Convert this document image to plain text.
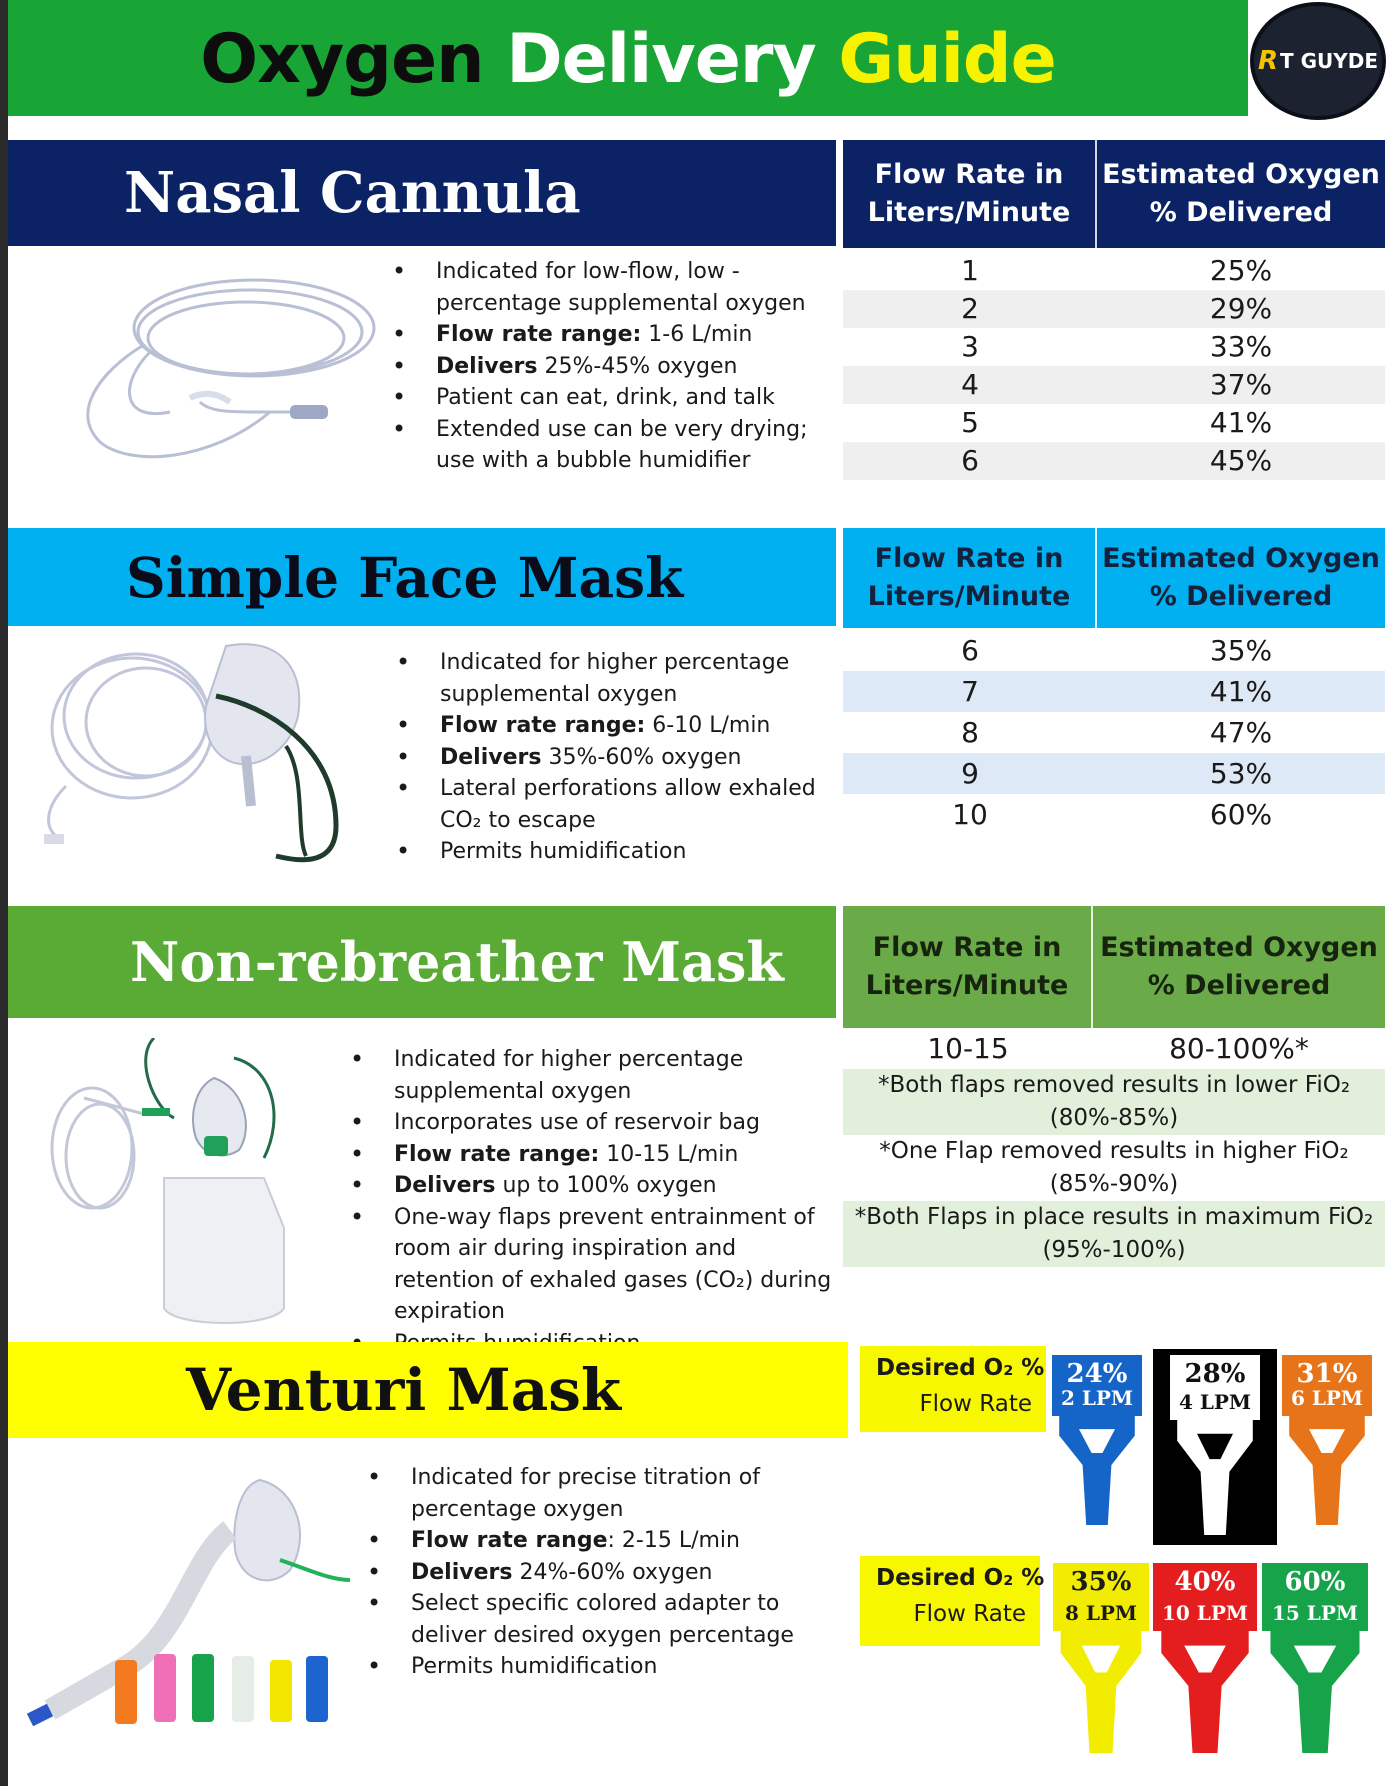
Oxygen Delivery Guide	R T GUYDE
Nasal Cannula	Flow Rate in Liters/Minute
Estimated Oxygen % Delivered
1	25%
2	29%
3	33%
4	37%
5	41%
6	45%
• Indicated for low-flow, low - percentage supplemental oxygen
• Flow rate range: 1-6 L/min
• Delivers 25%-45% oxygen
• Patient can eat, drink, and talk
• Extended use can be very drying; use with a bubble humidifier
Simple Face Mask	Flow Rate in Liters/Minute
Estimated Oxygen % Delivered
6	35%
7	41%
8	47%
9	53%
10	60%
• Indicated for higher percentage supplemental oxygen
• Flow rate range: 6-10 L/min
• Delivers 35%-60% oxygen
• Lateral perforations allow exhaled CO₂ to escape
• Permits humidification
Non-rebreather Mask	Flow Rate in Liters/Minute
Estimated Oxygen % Delivered
10-15	80-100%*
*Both flaps removed results in lower FiO₂ (80%-85%)
*One Flap removed results in higher FiO₂ (85%-90%)
*Both Flaps in place results in maximum FiO₂ (95%-100%)
• Indicated for higher percentage supplemental oxygen
• Incorporates use of reservoir bag
• Flow rate range: 10-15 L/min
• Delivers up to 100% oxygen
• One-way flaps prevent entrainment of room air during inspiration and retention of exhaled gases (CO₂) during expiration
•
Venturi Mask
• Indicated for precise titration of percentage oxygen
• Flow rate range: 2-15 L/min
• Delivers 24%-60% oxygen
• Select specific colored adapter to deliver desired oxygen percentage
• Permits humidification
Desired O₂ %
Flow Rate
Desired O₂ %
Flow Rate
24%
2 LPM
28%
4 LPM
31%
6 LPM
35%
8 LPM
40%
10 LPM
60%
15 LPM
